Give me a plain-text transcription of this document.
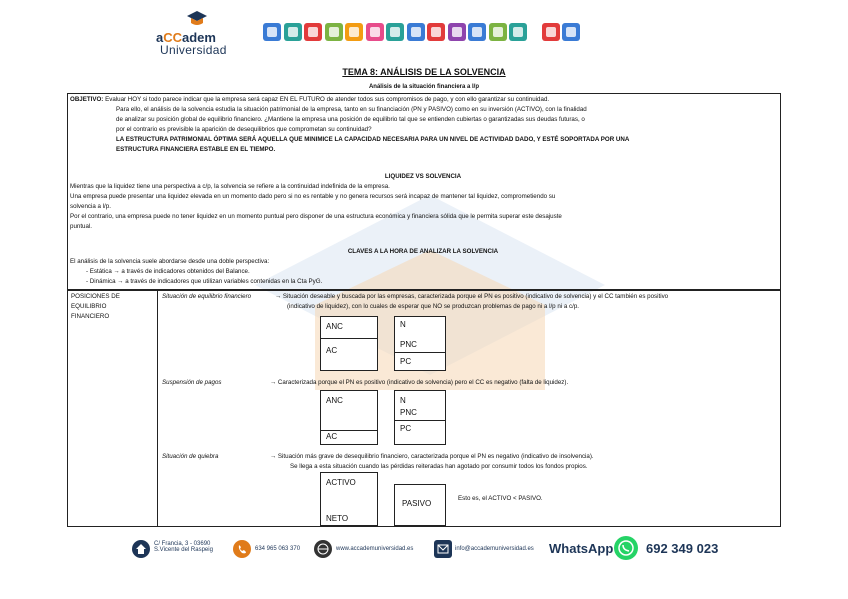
aCCadem
Universidad
TEMA 8: ANÁLISIS DE LA SOLVENCIA
Análisis de la situación financiera a l/p
OBJETIVO: Evaluar HOY si todo parece indicar que la empresa será capaz EN EL FUTURO de atender todos sus compromisos de pago, y con ello garantizar su continuidad.
Para ello, el análisis de la solvencia estudia la situación patrimonial de la empresa, tanto en su financiación (PN y PASIVO) como en su inversión (ACTIVO), con la finalidad
de analizar su posición global de equilibrio financiero. ¿Mantiene la empresa una posición de equilibrio tal que se entienden cubiertas o garantizadas sus deudas futuras, o
por el contrario es previsible la aparición de desequilibrios que comprometan su continuidad?
LA ESTRUCTURA PATRIMONIAL ÓPTIMA SERÁ AQUELLA QUE MINIMICE LA CAPACIDAD NECESARIA PARA UN NIVEL DE ACTIVIDAD DADO, Y ESTÉ SOPORTADA POR UNA
ESTRUCTURA FINANCIERA ESTABLE EN EL TIEMPO.
LIQUIDEZ VS SOLVENCIA
Mientras que la liquidez tiene una perspectiva a c/p, la solvencia se refiere a la continuidad indefinida de la empresa.
Una empresa puede presentar una liquidez elevada en un momento dado pero si no es rentable y no genera recursos será incapaz de mantener tal liquidez, comprometiendo su
solvencia a l/p.
Por el contrario, una empresa puede no tener liquidez en un momento puntual pero disponer de una estructura económica y financiera sólida que le permita superar este desajuste
puntual.
CLAVES A LA HORA DE ANALIZAR LA SOLVENCIA
El análisis de la solvencia suele abordarse desde una doble perspectiva:
- Estática → a través de indicadores obtenidos del Balance.
- Dinámica → a través de indicadores que utilizan variables contenidas en la Cta PyG.
POSICIONES DE
EQUILIBRIO
FINANCIERO
Situación de equilibrio financiero	→ Situación deseable y buscada por las empresas, caracterizada porque el PN es positivo (indicativo de solvencia) y el CC también es positivo
(indicativo de liquidez), con lo cuales de esperar que NO se produzcan problemas de pago ni a l/p ni a c/p.
ANC
AC
N
PNC
PC
Suspensión de pagos	→ Caracterizada porque el PN es positivo (indicativo de solvencia) pero el CC es negativo (falta de liquidez).
ANC
AC
N
PNC
PC
Situación de quiebra	→ Situación más grave de desequilibrio financiero, caracterizada porque el PN es negativo (indicativo de insolvencia).
Se llega a esta situación cuando las pérdidas reiteradas han agotado por consumir todos los fondos propios.
ACTIVO
NETO
PASIVO
Esto es, el ACTIVO < PASIVO.
C/ Francia, 3 - 03690
S.Vicente del Raspeig	634 965 063 370	www.accademuniversidad.es	info@accademuniversidad.es WhatsApp	692 349 023
